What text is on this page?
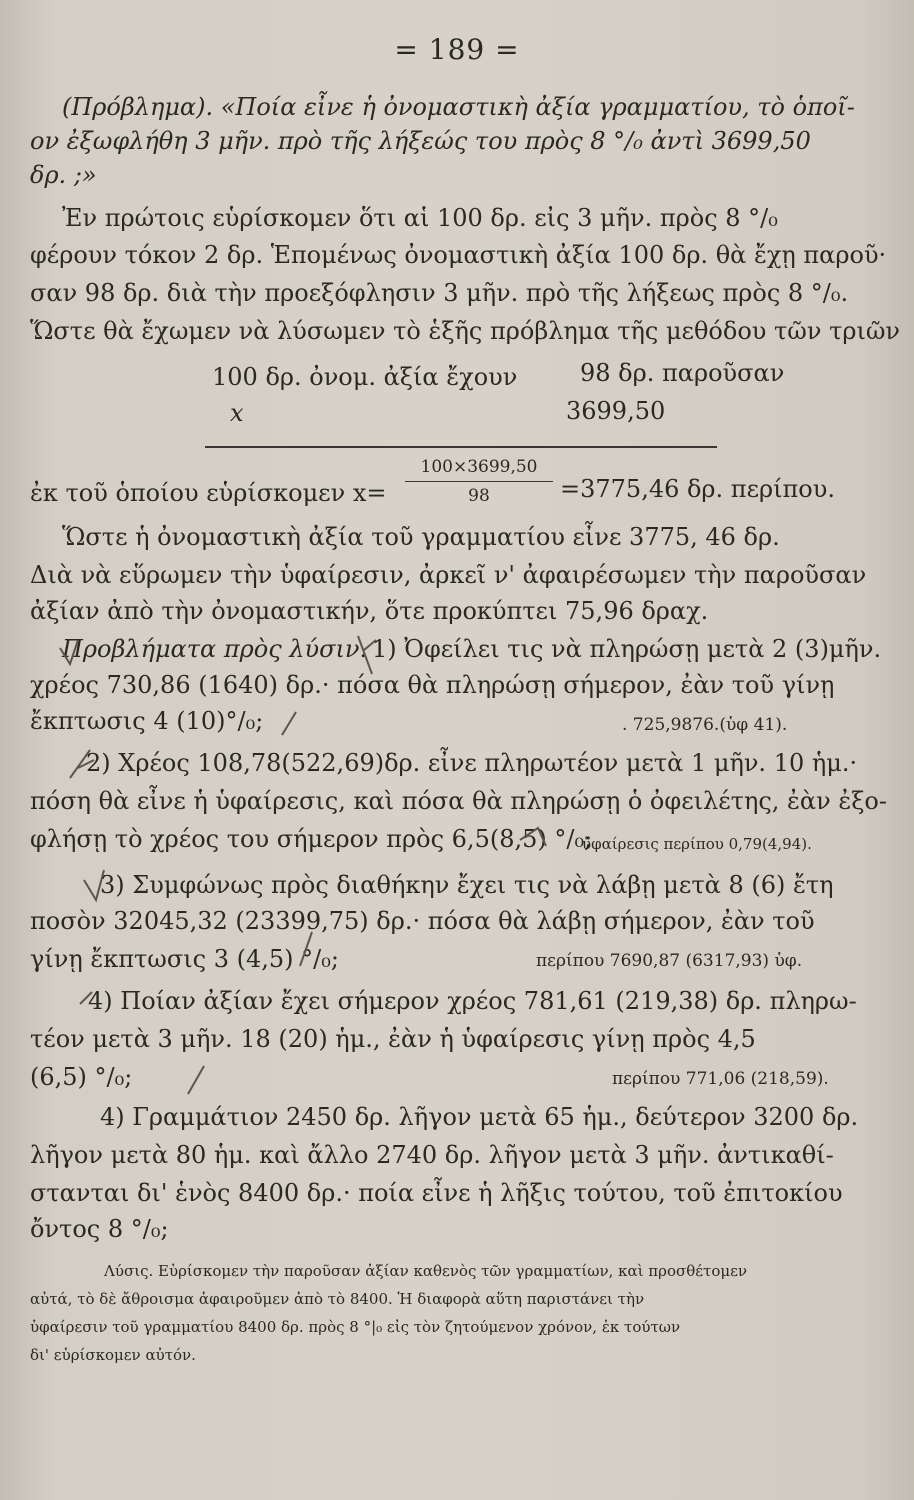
= 189 =
(Πρόβλημα). «Ποία εἶνε ἡ ὀνομαστικὴ ἀξία γραμματίου, τὸ ὁποῖ-
ον ἐξωφλήθη 3 μῆν. πρὸ τῆς λήξεώς του πρὸς 8 °/₀ ἀντὶ 3699,50
δρ. ;»
Ἐν πρώτοις εὑρίσκομεν ὅτι αἱ 100 δρ. εἰς 3 μῆν. πρὸς 8 °/₀
φέρουν τόκον 2 δρ. Ἑπομένως ὀνομαστικὴ ἀξία 100 δρ. θὰ ἔχῃ παροῦ·
σαν 98 δρ. διὰ τὴν προεξόφλησιν 3 μῆν. πρὸ τῆς λήξεως πρὸς 8 °/₀.
Ὥστε θὰ ἔχωμεν νὰ λύσωμεν τὸ ἑξῆς πρόβλημα τῆς μεθόδου τῶν τριῶν
100 δρ. ὀνομ. ἀξία ἔχουν	98 δρ. παροῦσαν
x	3699,50
ἐκ τοῦ ὁποίου εὑρίσκομεν x=
100×3699,50
98	=3775,46 δρ. περίπου.
Ὥστε ἡ ὀνομαστικὴ ἀξία τοῦ γραμματίου εἶνε 3775, 46 δρ.
Διὰ νὰ εὕρωμεν τὴν ὑφαίρεσιν, ἀρκεῖ ν' ἀφαιρέσωμεν τὴν παροῦσαν
ἀξίαν ἀπὸ τὴν ὀνομαστικήν, ὅτε προκύπτει 75,96 δραχ.
Προβλήματα πρὸς λύσιν. 1) Ὀφείλει τις νὰ πληρώσῃ μετὰ 2 (3)μῆν.
χρέος 730,86 (1640) δρ.· πόσα θὰ πληρώσῃ σήμερον, ἐὰν τοῦ γίνῃ
ἔκπτωσις 4 (10)°/₀;	. 725,9876.(ὑφ 41).
2) Χρέος 108,78(522,69)δρ. εἶνε πληρωτέον μετὰ 1 μῆν. 10 ἡμ.·
πόση θὰ εἶνε ἡ ὑφαίρεσις, καὶ πόσα θὰ πληρώσῃ ὁ ὀφειλέτης, ἐὰν ἐξο-
φλήσῃ τὸ χρέος του σήμερον πρὸς 6,5(8,5) °/₀;
ὑφαίρεσις περίπου 0,79(4,94).
3) Συμφώνως πρὸς διαθήκην ἔχει τις νὰ λάβῃ μετὰ 8 (6) ἔτη
ποσὸν 32045,32 (23399,75) δρ.· πόσα θὰ λάβῃ σήμερον, ἐὰν τοῦ
γίνῃ ἔκπτωσις 3 (4,5) °/₀;	περίπου 7690,87 (6317,93) ὑφ.
4) Ποίαν ἀξίαν ἔχει σήμερον χρέος 781,61 (219,38) δρ. πληρω-
τέον μετὰ 3 μῆν. 18 (20) ἡμ., ἐὰν ἡ ὑφαίρεσις γίνῃ πρὸς 4,5
(6,5) °/₀;	περίπου 771,06 (218,59).
4) Γραμμάτιον 2450 δρ. λῆγον μετὰ 65 ἡμ., δεύτερον 3200 δρ.
λῆγον μετὰ 80 ἡμ. καὶ ἄλλο 2740 δρ. λῆγον μετὰ 3 μῆν. ἀντικαθί-
στανται δι' ἑνὸς 8400 δρ.· ποία εἶνε ἡ λῆξις τούτου, τοῦ ἐπιτοκίου
ὄντος 8 °/₀;
Λύσις. Εὑρίσκομεν τὴν παροῦσαν ἀξίαν καθενὸς τῶν γραμματίων, καὶ προσθέτομεν
αὐτά, τὸ δὲ ἄθροισμα ἀφαιροῦμεν ἀπὸ τὸ 8400. Ἡ διαφορὰ αὕτη παριστάνει τὴν
ὑφαίρεσιν τοῦ γραμματίου 8400 δρ. πρὸς 8 °|₀ εἰς τὸν ζητούμενον χρόνον, ἐκ τούτων
δι' εὑρίσκομεν αὐτόν.
